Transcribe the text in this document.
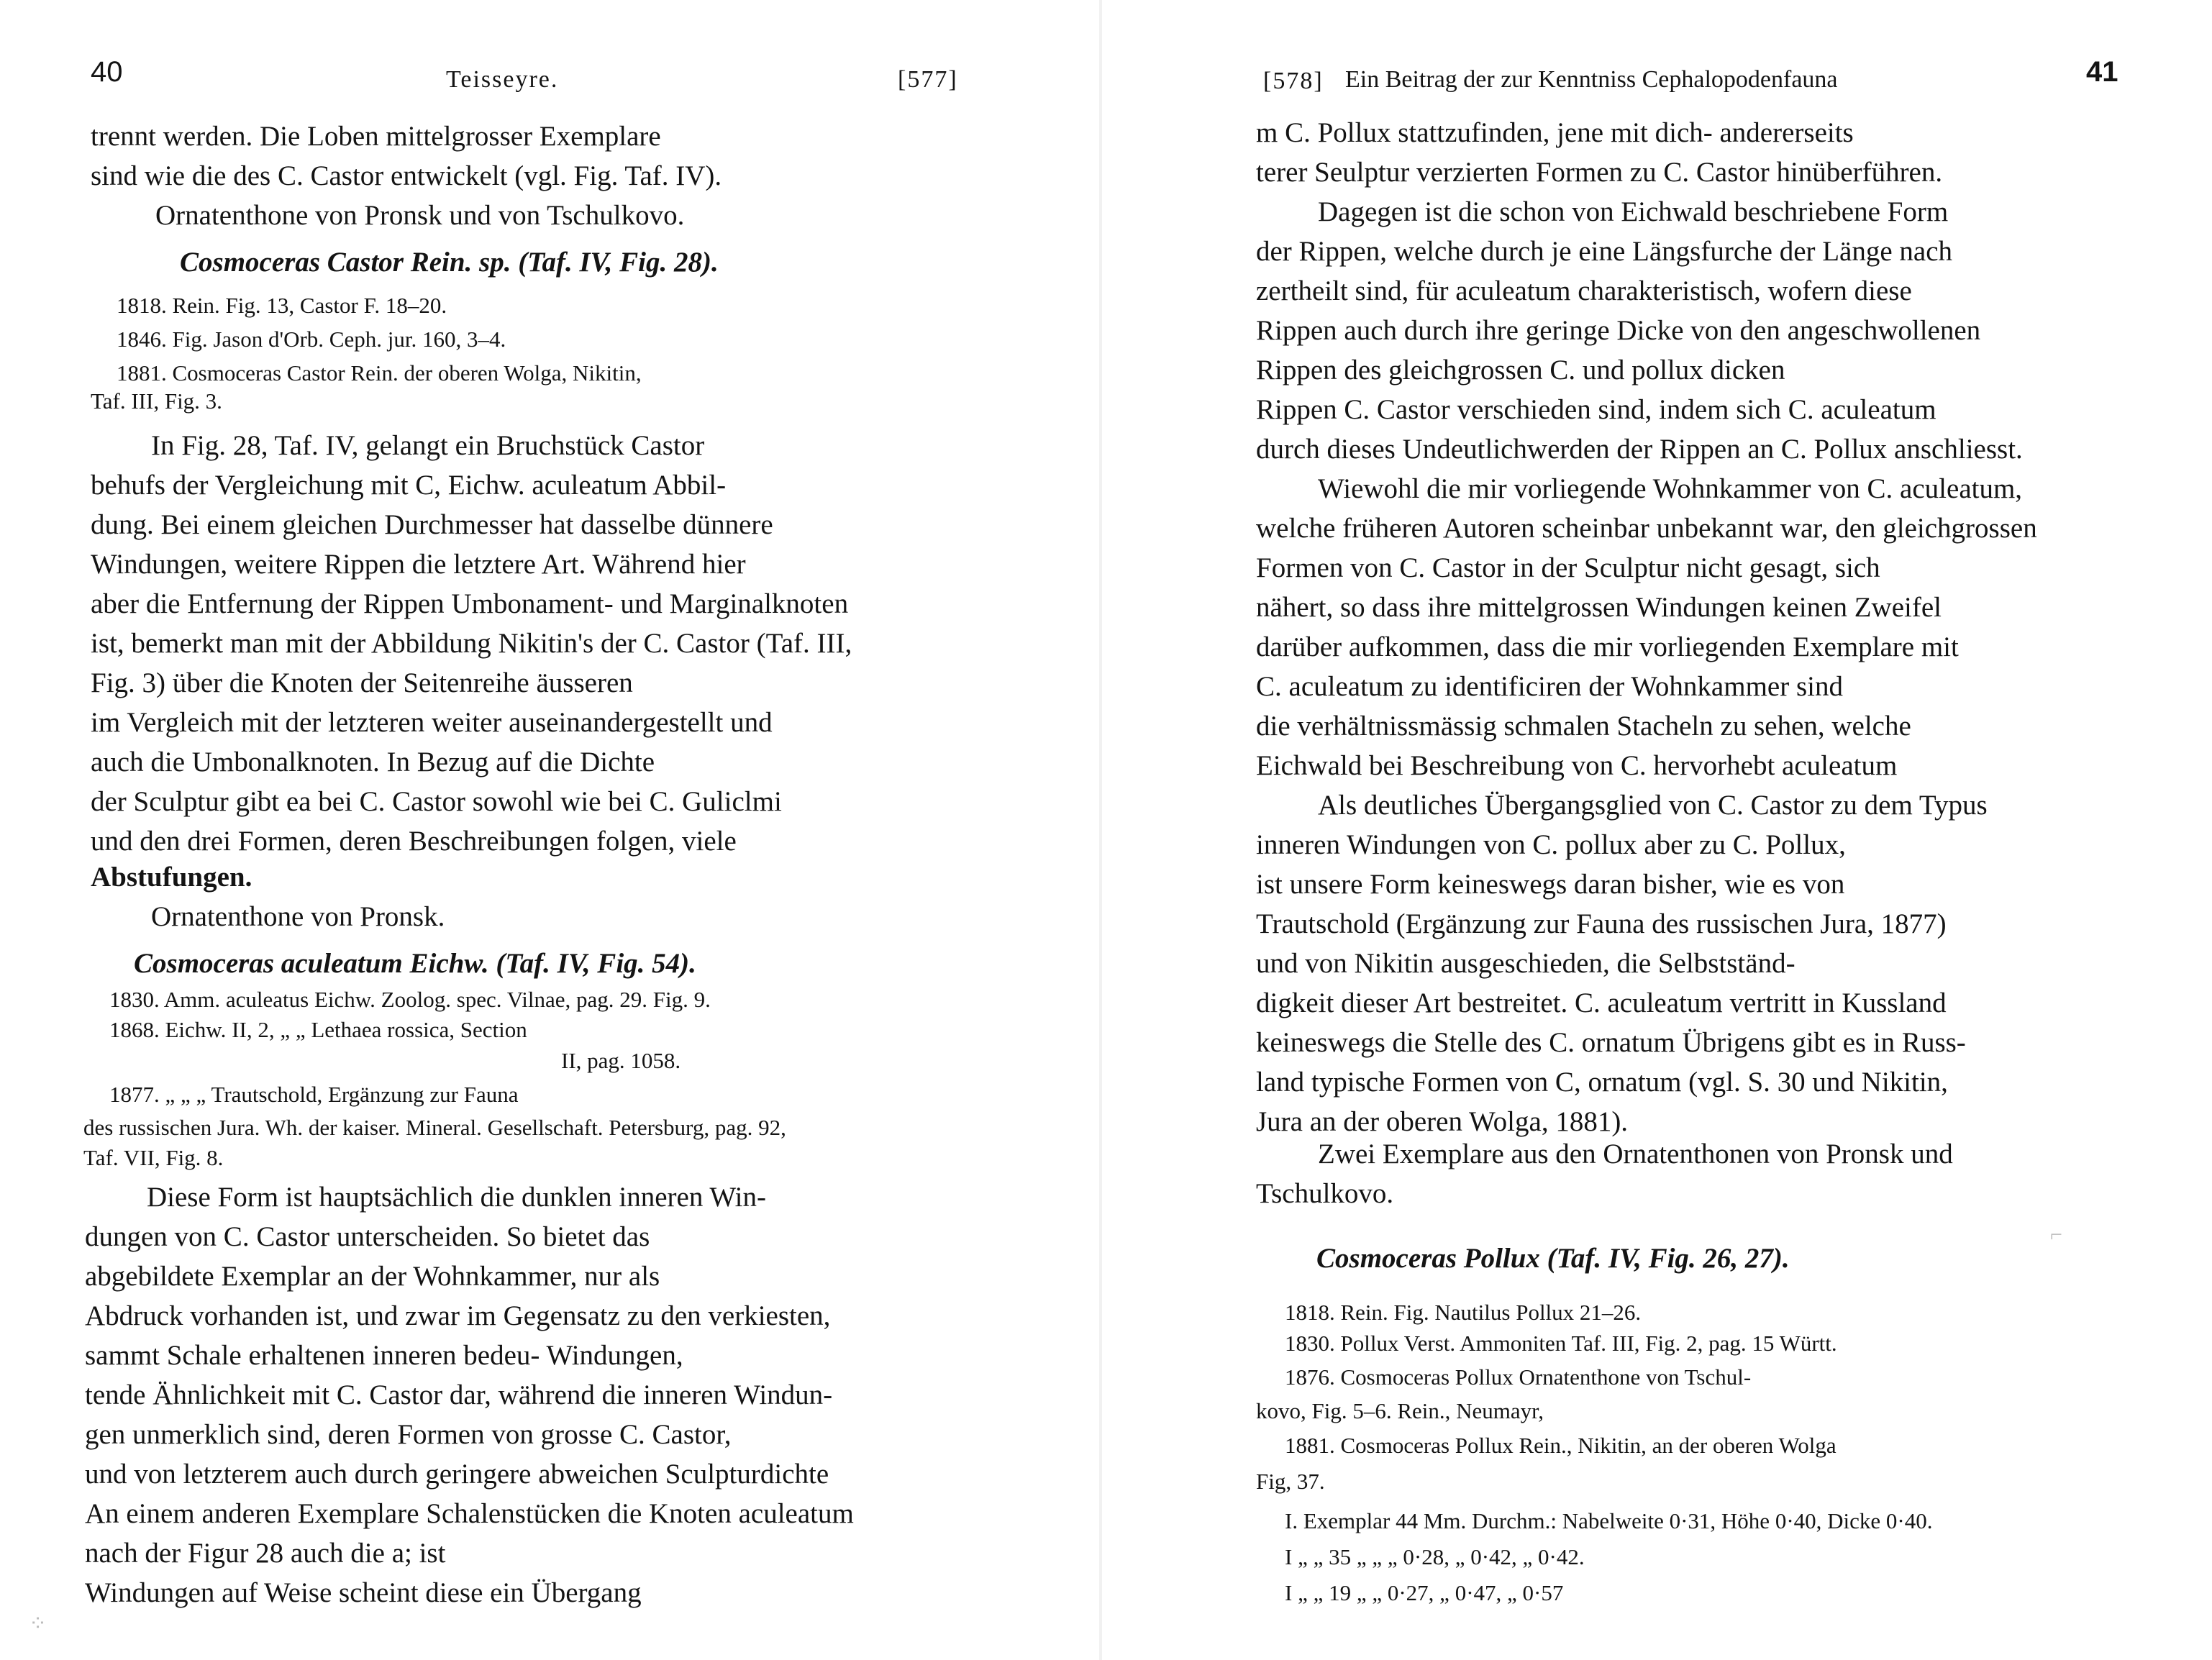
40	Teisseyre.	[577]
trennt werden. Die Loben mittelgrosser Exemplare
sind wie die des C. Castor entwickelt (vgl. Fig. Taf. IV).
Ornatenthone von Pronsk und von Tschulkovo.
Cosmoceras Castor Rein. sp. (Taf. IV, Fig. 28).
1818. Rein. Fig. 13, Castor F. 18–20.
1846. Fig. Jason d'Orb. Ceph. jur. 160, 3–4.
1881. Cosmoceras Castor Rein. der oberen Wolga, Nikitin,
Taf. III, Fig. 3.
In Fig. 28, Taf. IV, gelangt ein Bruchstück Castor
behufs der Vergleichung mit C, Eichw. aculeatum Abbil-
dung. Bei einem gleichen Durchmesser hat dasselbe dünnere
Windungen, weitere Rippen die letztere Art. Während hier
aber die Entfernung der Rippen Umbonament- und Marginalknoten
ist, bemerkt man mit der Abbildung Nikitin's der C. Castor (Taf. III,
Fig. 3) über die Knoten der Seitenreihe äusseren
im Vergleich mit der letzteren weiter auseinandergestellt und
auch die Umbonalknoten. In Bezug auf die Dichte
der Sculptur gibt ea bei C. Castor sowohl wie bei C. Guliclmi
und den drei Formen, deren Beschreibungen folgen, viele
Abstufungen.
Ornatenthone von Pronsk.
Cosmoceras aculeatum Eichw. (Taf. IV, Fig. 54).
1830. Amm. aculeatus Eichw. Zoolog. spec. Vilnae, pag. 29. Fig. 9.
1868. Eichw. II, 2, „ „ Lethaea rossica, Section
II, pag. 1058.
1877. „ „ „ Trautschold, Ergänzung zur Fauna
des russischen Jura. Wh. der kaiser. Mineral. Gesellschaft. Petersburg, pag. 92,
Taf. VII, Fig. 8.
Diese Form ist hauptsächlich die dunklen inneren Win-
dungen von C. Castor unterscheiden. So bietet das
abgebildete Exemplar an der Wohnkammer, nur als
Abdruck vorhanden ist, und zwar im Gegensatz zu den verkiesten,
sammt Schale erhaltenen inneren bedeu- Windungen,
tende Ähnlichkeit mit C. Castor dar, während die inneren Windun-
gen unmerklich sind, deren Formen von grosse C. Castor,
und von letzterem auch durch geringere abweichen Sculpturdichte
An einem anderen Exemplare Schalenstücken die Knoten aculeatum
nach der Figur 28 auch die a; ist
Windungen auf Weise scheint diese ein Übergang
⁘
[578] Ein Beitrag der zur Kenntniss Cephalopodenfauna	41
m C. Pollux stattzufinden, jene mit dich- andererseits
terer Seulptur verzierten Formen zu C. Castor hinüberführen.
Dagegen ist die schon von Eichwald beschriebene Form
der Rippen, welche durch je eine Längsfurche der Länge nach
zertheilt sind, für aculeatum charakteristisch, wofern diese
Rippen auch durch ihre geringe Dicke von den angeschwollenen
Rippen des gleichgrossen C. und pollux dicken
Rippen C. Castor verschieden sind, indem sich C. aculeatum
durch dieses Undeutlichwerden der Rippen an C. Pollux anschliesst.
Wiewohl die mir vorliegende Wohnkammer von C. aculeatum,
welche früheren Autoren scheinbar unbekannt war, den gleichgrossen
Formen von C. Castor in der Sculptur nicht gesagt, sich
nähert, so dass ihre mittelgrossen Windungen keinen Zweifel
darüber aufkommen, dass die mir vorliegenden Exemplare mit
C. aculeatum zu identificiren der Wohnkammer sind
die verhältnissmässig schmalen Stacheln zu sehen, welche
Eichwald bei Beschreibung von C. hervorhebt aculeatum
Als deutliches Übergangsglied von C. Castor zu dem Typus
inneren Windungen von C. pollux aber zu C. Pollux,
ist unsere Form keineswegs daran bisher, wie es von
Trautschold (Ergänzung zur Fauna des russischen Jura, 1877)
und von Nikitin ausgeschieden, die Selbstständ-
digkeit dieser Art bestreitet. C. aculeatum vertritt in Kussland
keineswegs die Stelle des C. ornatum Übrigens gibt es in Russ-
land typische Formen von C, ornatum (vgl. S. 30 und Nikitin,
Jura an der oberen Wolga, 1881).
Zwei Exemplare aus den Ornatenthonen von Pronsk und
Tschulkovo.
Cosmoceras Pollux (Taf. IV, Fig. 26, 27).
1818. Rein. Fig. Nautilus Pollux 21–26.
1830. Pollux Verst. Ammoniten Taf. III, Fig. 2, pag. 15 Württ.
1876. Cosmoceras Pollux Ornatenthone von Tschul-
kovo, Fig. 5–6. Rein., Neumayr,
1881. Cosmoceras Pollux Rein., Nikitin, an der oberen Wolga
Fig, 37.
I. Exemplar 44 Mm. Durchm.: Nabelweite 0·31, Höhe 0·40, Dicke 0·40.
I „ „ 35 „ „ „ 0·28, „ 0·42, „ 0·42.
I „ „ 19 „ „ 0·27, „ 0·47, „ 0·57
⌐
